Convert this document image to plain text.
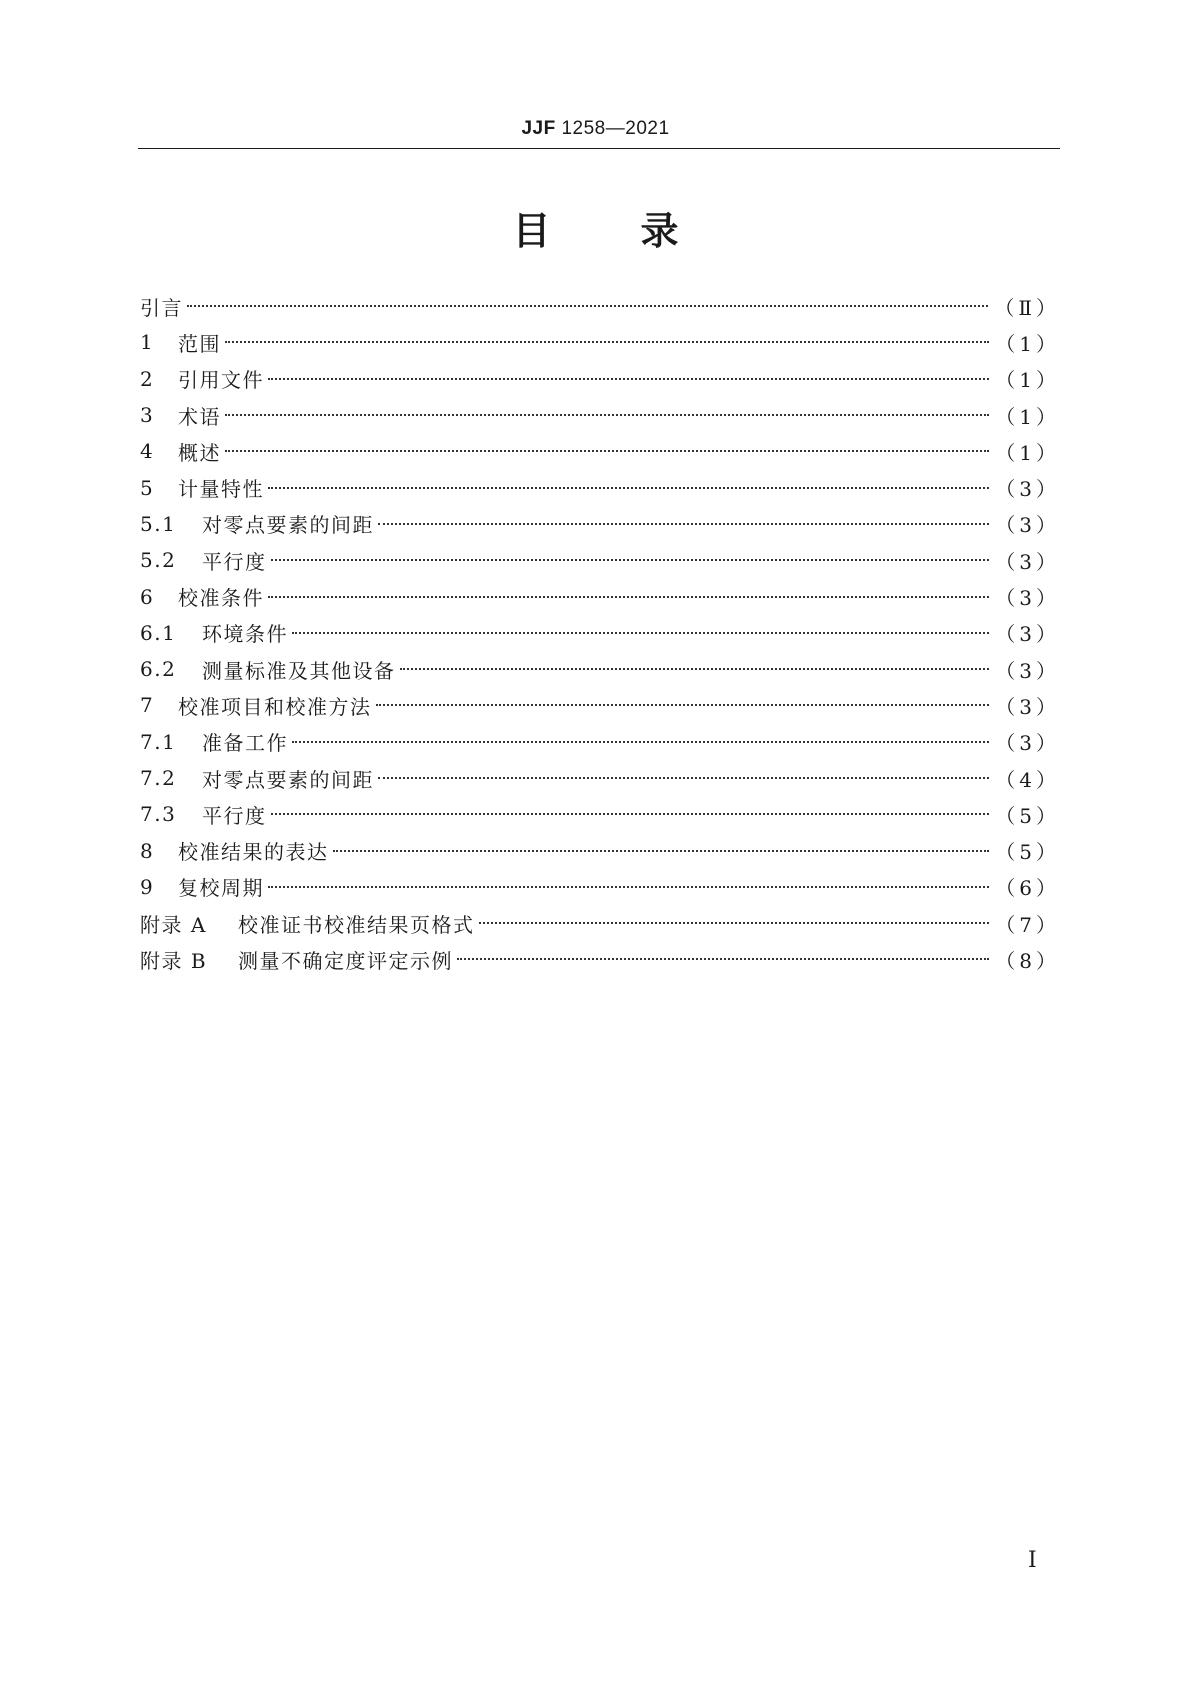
JJF 1258—2021
目 录
引言	（Ⅱ）
1	范围	（1）
2	引用文件	（1）
3	术语	（1）
4	概述	（1）
5	计量特性	（3）
5.1	对零点要素的间距	（3）
5.2	平行度	（3）
6	校准条件	（3）
6.1	环境条件	（3）
6.2	测量标准及其他设备	（3）
7	校准项目和校准方法	（3）
7.1	准备工作	（3）
7.2	对零点要素的间距	（4）
7.3	平行度	（5）
8	校准结果的表达	（5）
9	复校周期	（6）
附录 A	校准证书校准结果页格式	（7）
附录 B	测量不确定度评定示例	（8）
Ⅰ
